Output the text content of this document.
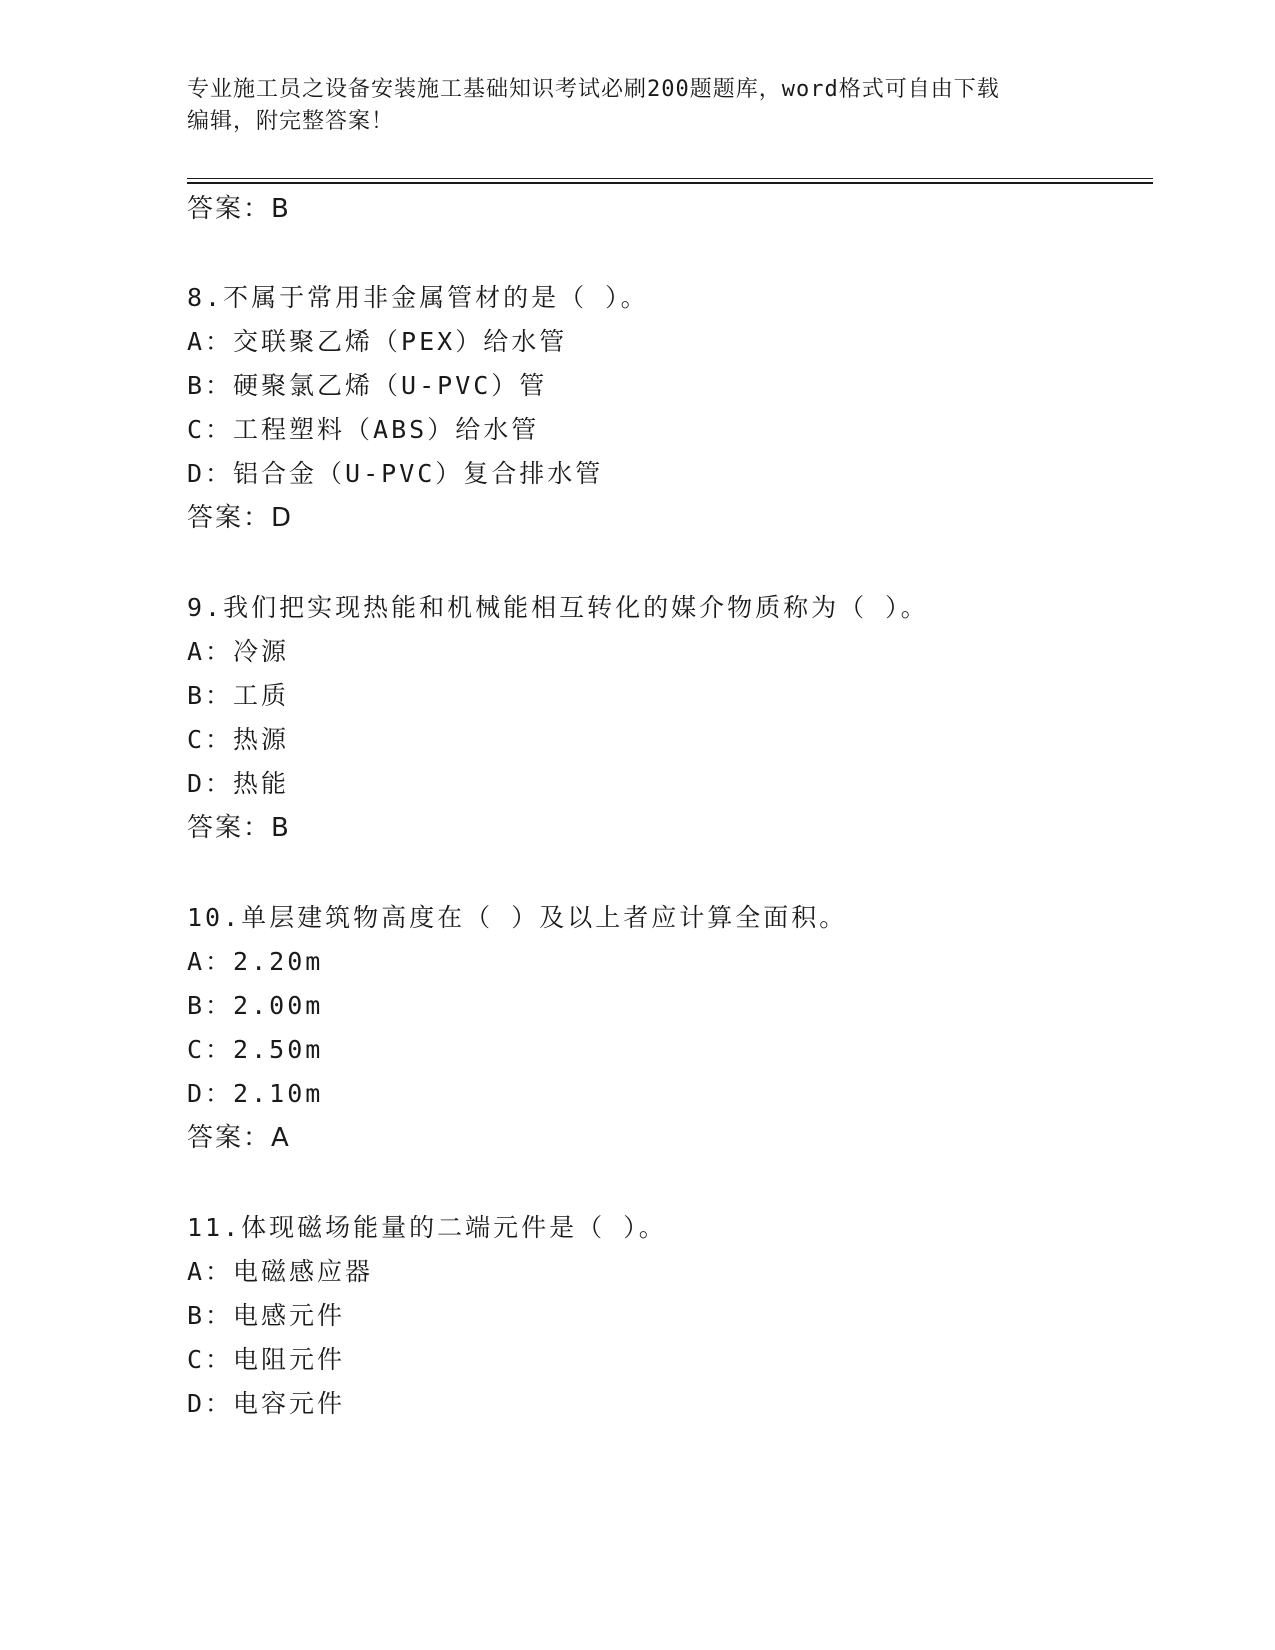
专业施工员之设备安装施工基础知识考试必刷200题题库，word格式可自由下载
编辑，附完整答案！
答案：B
8.不属于常用非金属管材的是（ ）。
A：交联聚乙烯（PEX）给水管
B：硬聚氯乙烯（U-PVC）管
C：工程塑料（ABS）给水管
D：铝合金（U-PVC）复合排水管
答案：D
9.我们把实现热能和机械能相互转化的媒介物质称为（ ）。
A：冷源
B：工质
C：热源
D：热能
答案：B
10.单层建筑物高度在（ ）及以上者应计算全面积。
A：2.20m
B：2.00m
C：2.50m
D：2.10m
答案：A
11.体现磁场能量的二端元件是（ ）。
A：电磁感应器
B：电感元件
C：电阻元件
D：电容元件
